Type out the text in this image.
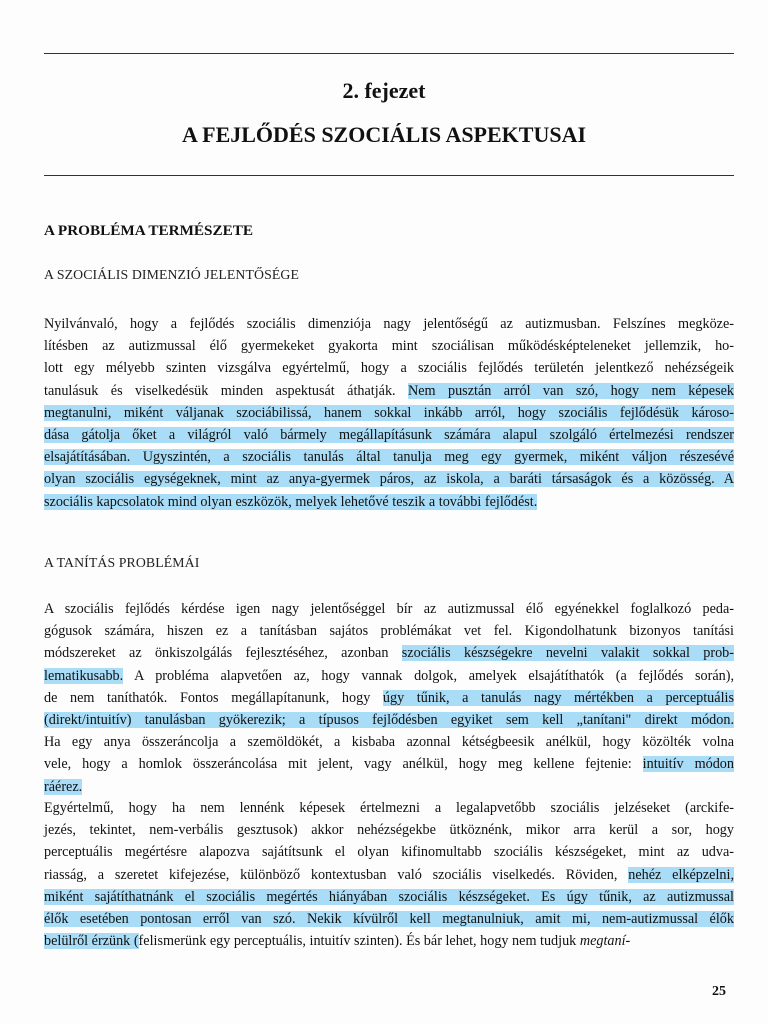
2. fejezet
A FEJLŐDÉS SZOCIÁLIS ASPEKTUSAI
A PROBLÉMA TERMÉSZETE
A SZOCIÁLIS DIMENZIÓ JELENTŐSÉGE
Nyilvánvaló, hogy a fejlődés szociális dimenziója nagy jelentőségű az autizmusban. Felszínes megköze-
lítésben az autizmussal élő gyermekeket gyakorta mint szociálisan működésképteleneket jellemzik, ho-
lott egy mélyebb szinten vizsgálva egyértelmű, hogy a szociális fejlődés területén jelentkező nehézségeik
tanulásuk és viselkedésük minden aspektusát áthatják. Nem pusztán arról van szó, hogy nem képesek
megtanulni, miként váljanak szociábilissá, hanem sokkal inkább arról, hogy szociális fejlődésük károso-
dása gátolja őket a világról való bármely megállapításunk számára alapul szolgáló értelmezési rendszer
elsajátításában. Ugyszintén, a szociális tanulás által tanulja meg egy gyermek, miként váljon részesévé
olyan szociális egységeknek, mint az anya-gyermek páros, az iskola, a baráti társaságok és a közösség. A
szociális kapcsolatok mind olyan eszközök, melyek lehetővé teszik a további fejlődést.
A TANÍTÁS PROBLÉMÁI
A szociális fejlődés kérdése igen nagy jelentőséggel bír az autizmussal élő egyénekkel foglalkozó peda-
gógusok számára, hiszen ez a tanításban sajátos problémákat vet fel. Kigondolhatunk bizonyos tanítási
módszereket az önkiszolgálás fejlesztéséhez, azonban szociális készségekre nevelni valakit sokkal prob-
lematikusabb. A probléma alapvetően az, hogy vannak dolgok, amelyek elsajátíthatók (a fejlődés során),
de nem taníthatók. Fontos megállapítanunk, hogy úgy tűnik, a tanulás nagy mértékben a perceptuális
(direkt/intuitív) tanulásban gyökerezik; a típusos fejlődésben egyiket sem kell „tanítani" direkt módon.
Ha egy anya összeráncolja a szemöldökét, a kisbaba azonnal kétségbeesik anélkül, hogy közölték volna
vele, hogy a homlok összeráncolása mit jelent, vagy anélkül, hogy meg kellene fejtenie: intuitív módon
ráérez.
Egyértelmű, hogy ha nem lennénk képesek értelmezni a legalapvetőbb szociális jelzéseket (arckife-
jezés, tekintet, nem-verbális gesztusok) akkor nehézségekbe ütköznénk, mikor arra kerül a sor, hogy
perceptuális megértésre alapozva sajátítsunk el olyan kifinomultabb szociális készségeket, mint az udva-
riasság, a szeretet kifejezése, különböző kontextusban való szociális viselkedés. Röviden, nehéz elképzelni,
miként sajátíthatnánk el szociális megértés hiányában szociális készségeket. Es úgy tűnik, az autizmussal
élők esetében pontosan erről van szó. Nekik kívülről kell megtanulniuk, amit mi, nem-autizmussal élők
belülről érzünk (felismerünk egy perceptuális, intuitív szinten). És bár lehet, hogy nem tudjuk megtaní-
25
